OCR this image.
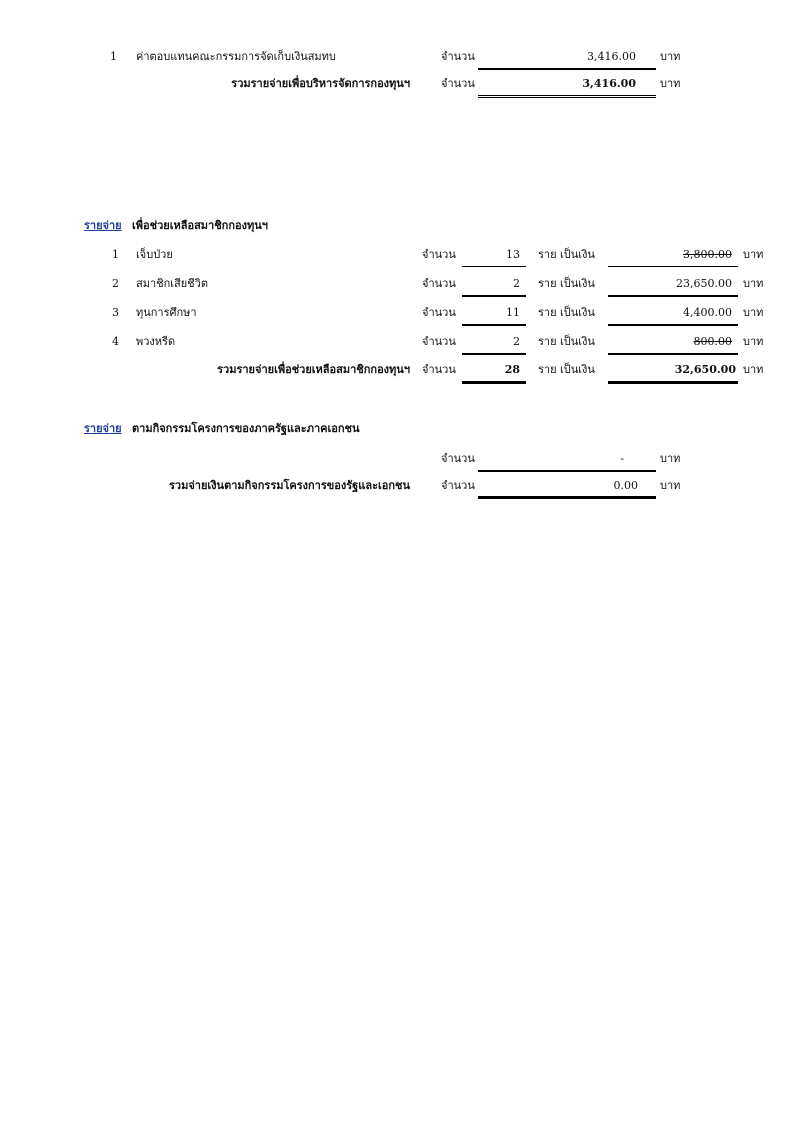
1 ค่าตอบแทนคณะกรรมการจัดเก็บเงินสมทบ	จำนวน	3,416.00 บาท
รวมรายจ่ายเพื่อบริหารจัดการกองทุนฯ	จำนวน	3,416.00 บาท
รายจ่าย เพื่อช่วยเหลือสมาชิกกองทุนฯ
1 เจ็บป่วย	จำนวน	13 ราย เป็นเงิน	3,800.00 บาท
2 สมาชิกเสียชีวิต	จำนวน	2 ราย เป็นเงิน	23,650.00 บาท
3 ทุนการศึกษา	จำนวน	11 ราย เป็นเงิน	4,400.00 บาท
4 พวงหรีด	จำนวน	2 ราย เป็นเงิน	800.00 บาท
รวมรายจ่ายเพื่อช่วยเหลือสมาชิกกองทุนฯ จำนวน	28 ราย เป็นเงิน	32,650.00 บาท
รายจ่าย ตามกิจกรรมโครงการของภาครัฐและภาคเอกชน
จำนวน	-	บาท
รวมจ่ายเงินตามกิจกรรมโครงการของรัฐและเอกชน	จำนวน	0.00 บาท
